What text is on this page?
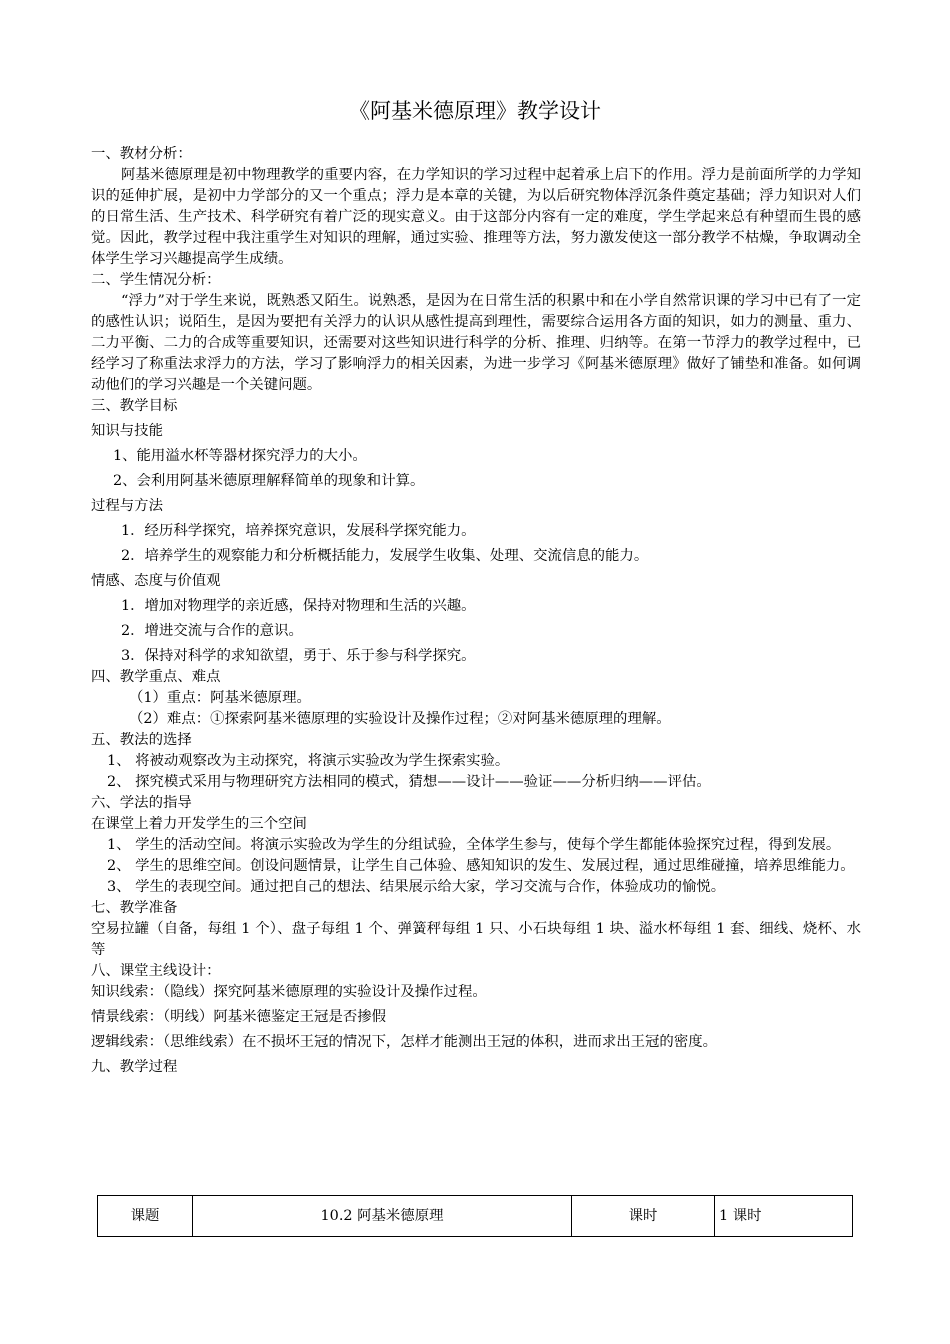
《阿基米德原理》教学设计

一、教材分析：

阿基米德原理是初中物理教学的重要内容，在力学知识的学习过程中起着承上启下的作用。浮力是前面所学的力学知识的延伸扩展，是初中力学部分的又一个重点；浮力是本章的关键，为以后研究物体浮沉条件奠定基础；浮力知识对人们的日常生活、生产技术、科学研究有着广泛的现实意义。由于这部分内容有一定的难度，学生学起来总有种望而生畏的感觉。因此，教学过程中我注重学生对知识的理解，通过实验、推理等方法，努力激发使这一部分教学不枯燥，争取调动全体学生学习兴趣提高学生成绩。

二、学生情况分析：

“浮力”对于学生来说，既熟悉又陌生。说熟悉，是因为在日常生活的积累中和在小学自然常识课的学习中已有了一定的感性认识；说陌生，是因为要把有关浮力的认识从感性提高到理性，需要综合运用各方面的知识，如力的测量、重力、二力平衡、二力的合成等重要知识，还需要对这些知识进行科学的分析、推理、归纳等。在第一节浮力的教学过程中，已经学习了称重法求浮力的方法，学习了影响浮力的相关因素，为进一步学习《阿基米德原理》做好了铺垫和准备。如何调动他们的学习兴趣是一个关键问题。

三、教学目标

知识与技能

1、能用溢水杯等器材探究浮力的大小。

2、会利用阿基米德原理解释简单的现象和计算。

过程与方法

1．经历科学探究，培养探究意识，发展科学探究能力。

2．培养学生的观察能力和分析概括能力，发展学生收集、处理、交流信息的能力。

情感、态度与价值观

1．增加对物理学的亲近感，保持对物理和生活的兴趣。

2．增进交流与合作的意识。

3．保持对科学的求知欲望，勇于、乐于参与科学探究。

四、教学重点、难点

（1）重点：阿基米德原理。

（2）难点：①探索阿基米德原理的实验设计及操作过程；②对阿基米德原理的理解。

五、教法的选择

1、 将被动观察改为主动探究，将演示实验改为学生探索实验。

2、 探究模式采用与物理研究方法相同的模式，猜想——设计——验证——分析归纳——评估。

六、学法的指导

在课堂上着力开发学生的三个空间

1、 学生的活动空间。将演示实验改为学生的分组试验，全体学生参与，使每个学生都能体验探究过程，得到发展。

2、 学生的思维空间。创设问题情景，让学生自己体验、感知知识的发生、发展过程，通过思维碰撞，培养思维能力。

3、 学生的表现空间。通过把自己的想法、结果展示给大家，学习交流与合作，体验成功的愉悦。

七、教学准备

空易拉罐（自备，每组 1 个）、盘子每组 1 个、弹簧秤每组 1 只、小石块每组 1 块、溢水杯每组 1 套、细线、烧杯、水等

八、课堂主线设计：

知识线索：（隐线）探究阿基米德原理的实验设计及操作过程。

情景线索：（明线）阿基米德鉴定王冠是否掺假

逻辑线索：（思维线索）在不损坏王冠的情况下，怎样才能测出王冠的体积，进而求出王冠的密度。

九、教学过程

课题	10.2 阿基米德原理	课时	1 课时
